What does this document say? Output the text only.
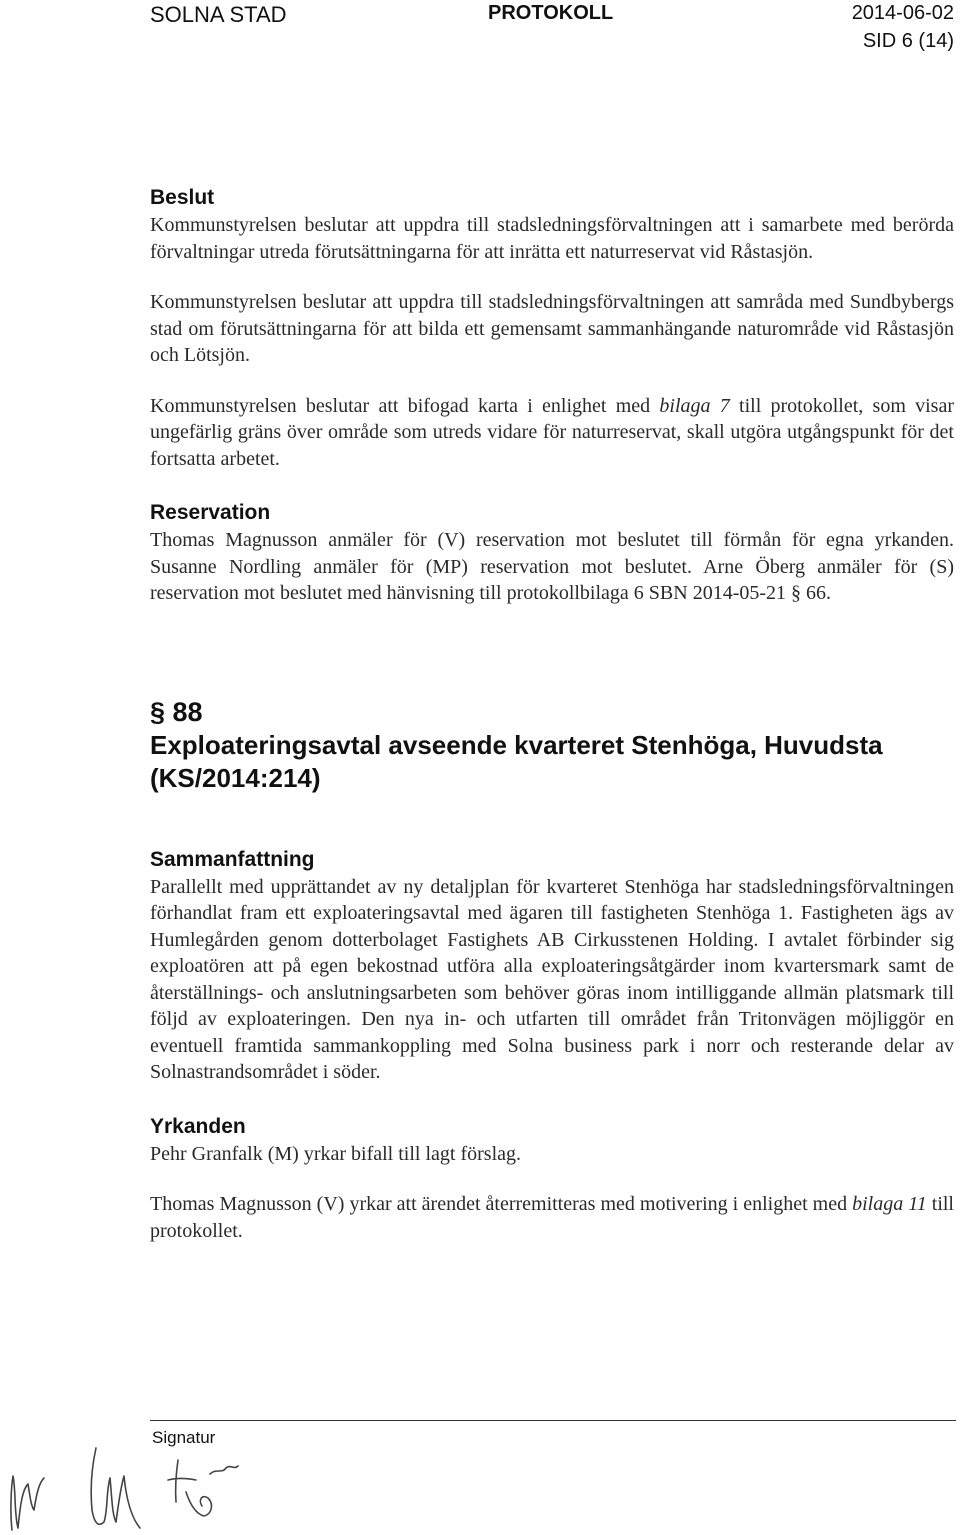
SOLNA STAD	PROTOKOLL	2014-06-02
SID 6 (14)
Beslut

Kommunstyrelsen beslutar att uppdra till stadsledningsförvaltningen att i samarbete med berörda förvaltningar utreda förutsättningarna för att inrätta ett naturreservat vid Råstasjön.

Kommunstyrelsen beslutar att uppdra till stadsledningsförvaltningen att samråda med Sundbybergs stad om förutsättningarna för att bilda ett gemensamt sammanhängande naturområde vid Råstasjön och Lötsjön.

Kommunstyrelsen beslutar att bifogad karta i enlighet med bilaga 7 till protokollet, som visar ungefärlig gräns över område som utreds vidare för naturreservat, skall utgöra utgångspunkt för det fortsatta arbetet.

Reservation

Thomas Magnusson anmäler för (V) reservation mot beslutet till förmån för egna yrkanden. Susanne Nordling anmäler för (MP) reservation mot beslutet. Arne Öberg anmäler för (S) reservation mot beslutet med hänvisning till protokollbilaga 6 SBN 2014-05-21 § 66.

§ 88
Exploateringsavtal avseende kvarteret Stenhöga, Huvudsta (KS/2014:214)
Sammanfattning

Parallellt med upprättandet av ny detaljplan för kvarteret Stenhöga har stadsledningsförvaltningen förhandlat fram ett exploateringsavtal med ägaren till fastigheten Stenhöga 1. Fastigheten ägs av Humlegården genom dotterbolaget Fastighets AB Cirkusstenen Holding. I avtalet förbinder sig exploatören att på egen bekostnad utföra alla exploateringsåtgärder inom kvartersmark samt de återställnings- och anslutningsarbeten som behöver göras inom intilliggande allmän platsmark till följd av exploateringen. Den nya in- och utfarten till området från Tritonvägen möjliggör en eventuell framtida sammankoppling med Solna business park i norr och resterande delar av Solnastrandsområdet i söder.

Yrkanden

Pehr Granfalk (M) yrkar bifall till lagt förslag.

Thomas Magnusson (V) yrkar att ärendet återremitteras med motivering i enlighet med bilaga 11 till protokollet.

Signatur
